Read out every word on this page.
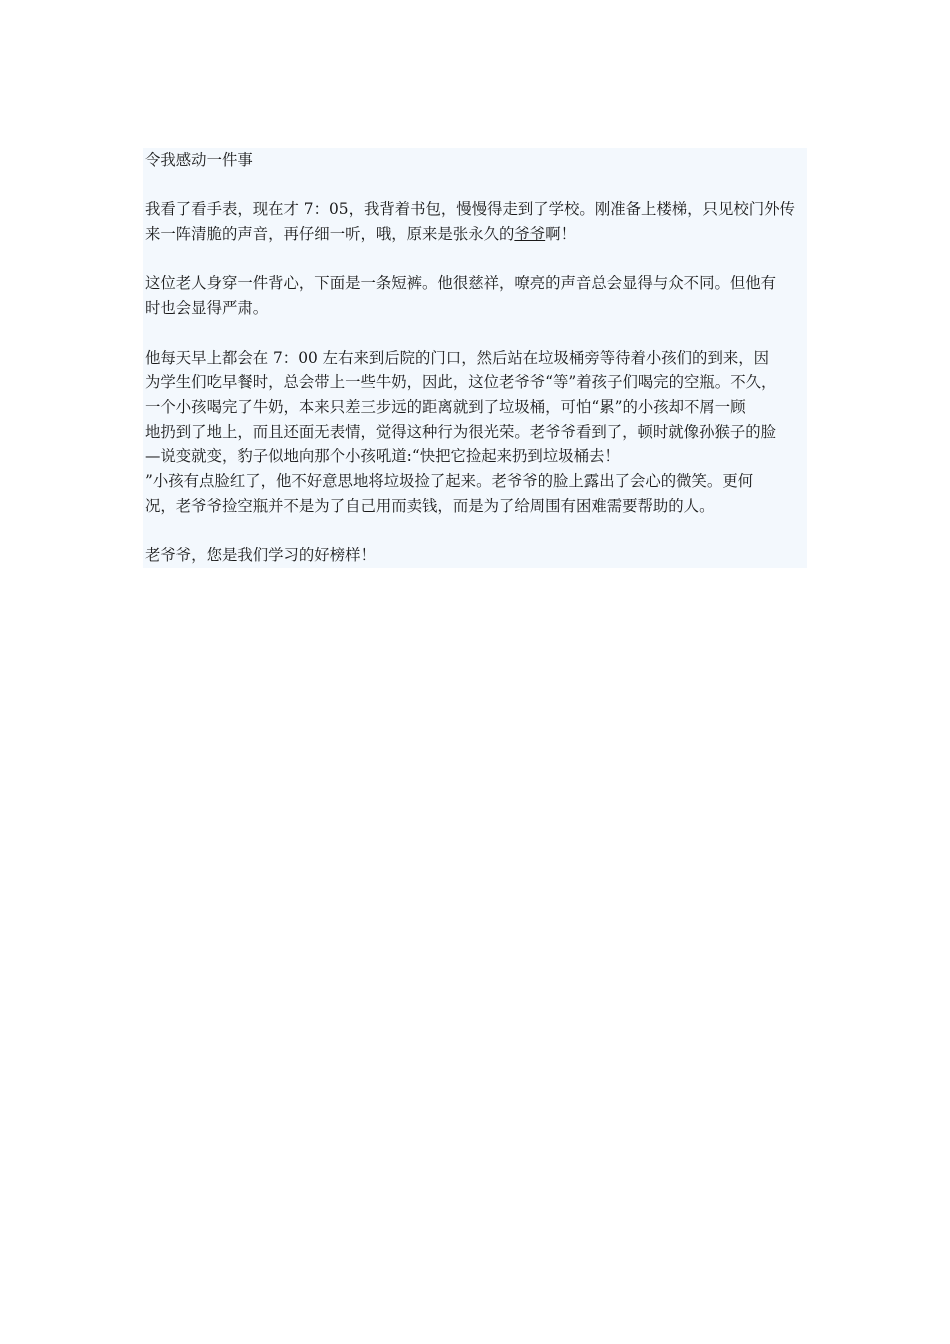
令我感动一件事
我看了看手表，现在才 7：05，我背着书包，慢慢得走到了学校。刚准备上楼梯，只见校门外传
来一阵清脆的声音，再仔细一听，哦，原来是张永久的爷爷啊！
这位老人身穿一件背心，下面是一条短裤。他很慈祥，嘹亮的声音总会显得与众不同。但他有
时也会显得严肃。
他每天早上都会在 7：00 左右来到后院的门口，然后站在垃圾桶旁等待着小孩们的到来，因
为学生们吃早餐时，总会带上一些牛奶，因此，这位老爷爷“等”着孩子们喝完的空瓶。不久，
一个小孩喝完了牛奶，本来只差三步远的距离就到了垃圾桶，可怕“累”的小孩却不屑一顾
地扔到了地上，而且还面无表情，觉得这种行为很光荣。老爷爷看到了，顿时就像孙猴子的脸
—说变就变，豹子似地向那个小孩吼道:“快把它捡起来扔到垃圾桶去！
”小孩有点脸红了，他不好意思地将垃圾捡了起来。老爷爷的脸上露出了会心的微笑。更何
况，老爷爷捡空瓶并不是为了自己用而卖钱，而是为了给周围有困难需要帮助的人。
老爷爷，您是我们学习的好榜样！
